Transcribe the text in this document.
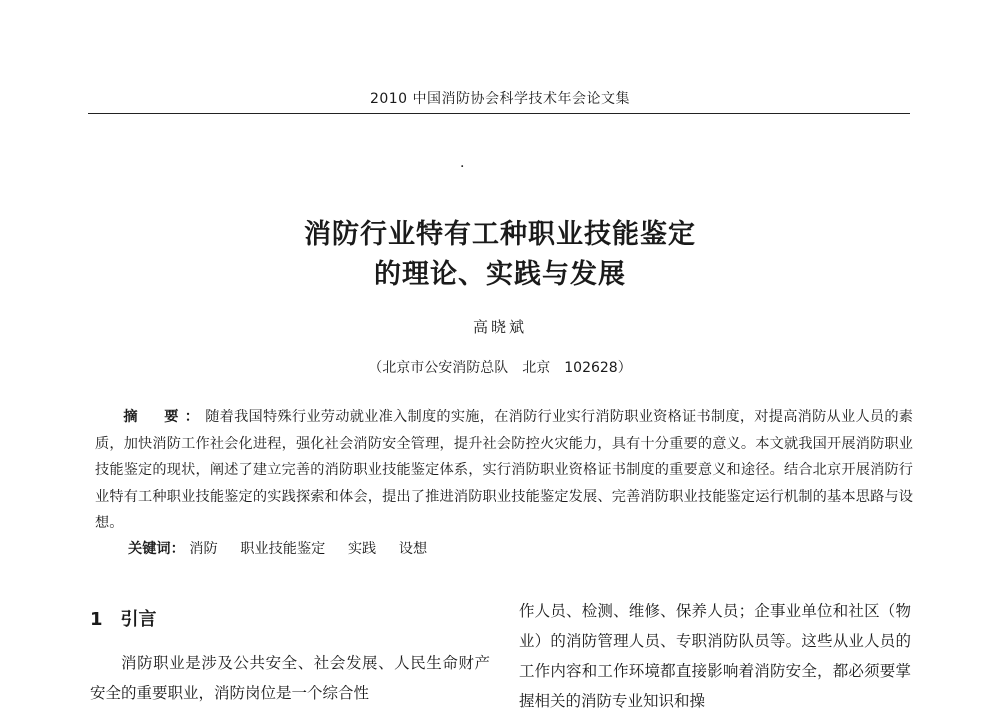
2010 中国消防协会科学技术年会论文集
·
消防行业特有工种职业技能鉴定
的理论、实践与发展
高晓斌
（北京市公安消防总队　北京　102628）

摘　要：随着我国特殊行业劳动就业准入制度的实施，在消防行业实行消防职业资格证书制度，对提高消防从业人员的素质，加快消防工作社会化进程，强化社会消防安全管理，提升社会防控火灾能力，具有十分重要的意义。本文就我国开展消防职业技能鉴定的现状，阐述了建立完善的消防职业技能鉴定体系，实行消防职业资格证书制度的重要意义和途径。结合北京开展消防行业特有工种职业技能鉴定的实践探索和体会，提出了推进消防职业技能鉴定发展、完善消防职业技能鉴定运行机制的基本思路与设想。

关键词： 消防 职业技能鉴定 实践 设想
1 引言

消防职业是涉及公共安全、社会发展、人民生命财产安全的重要职业，消防岗位是一个综合性

作人员、检测、维修、保养人员；企事业单位和社区（物业）的消防管理人员、专职消防队员等。这些从业人员的工作内容和工作环境都直接影响着消防安全，都必须要掌握相关的消防专业知识和操
